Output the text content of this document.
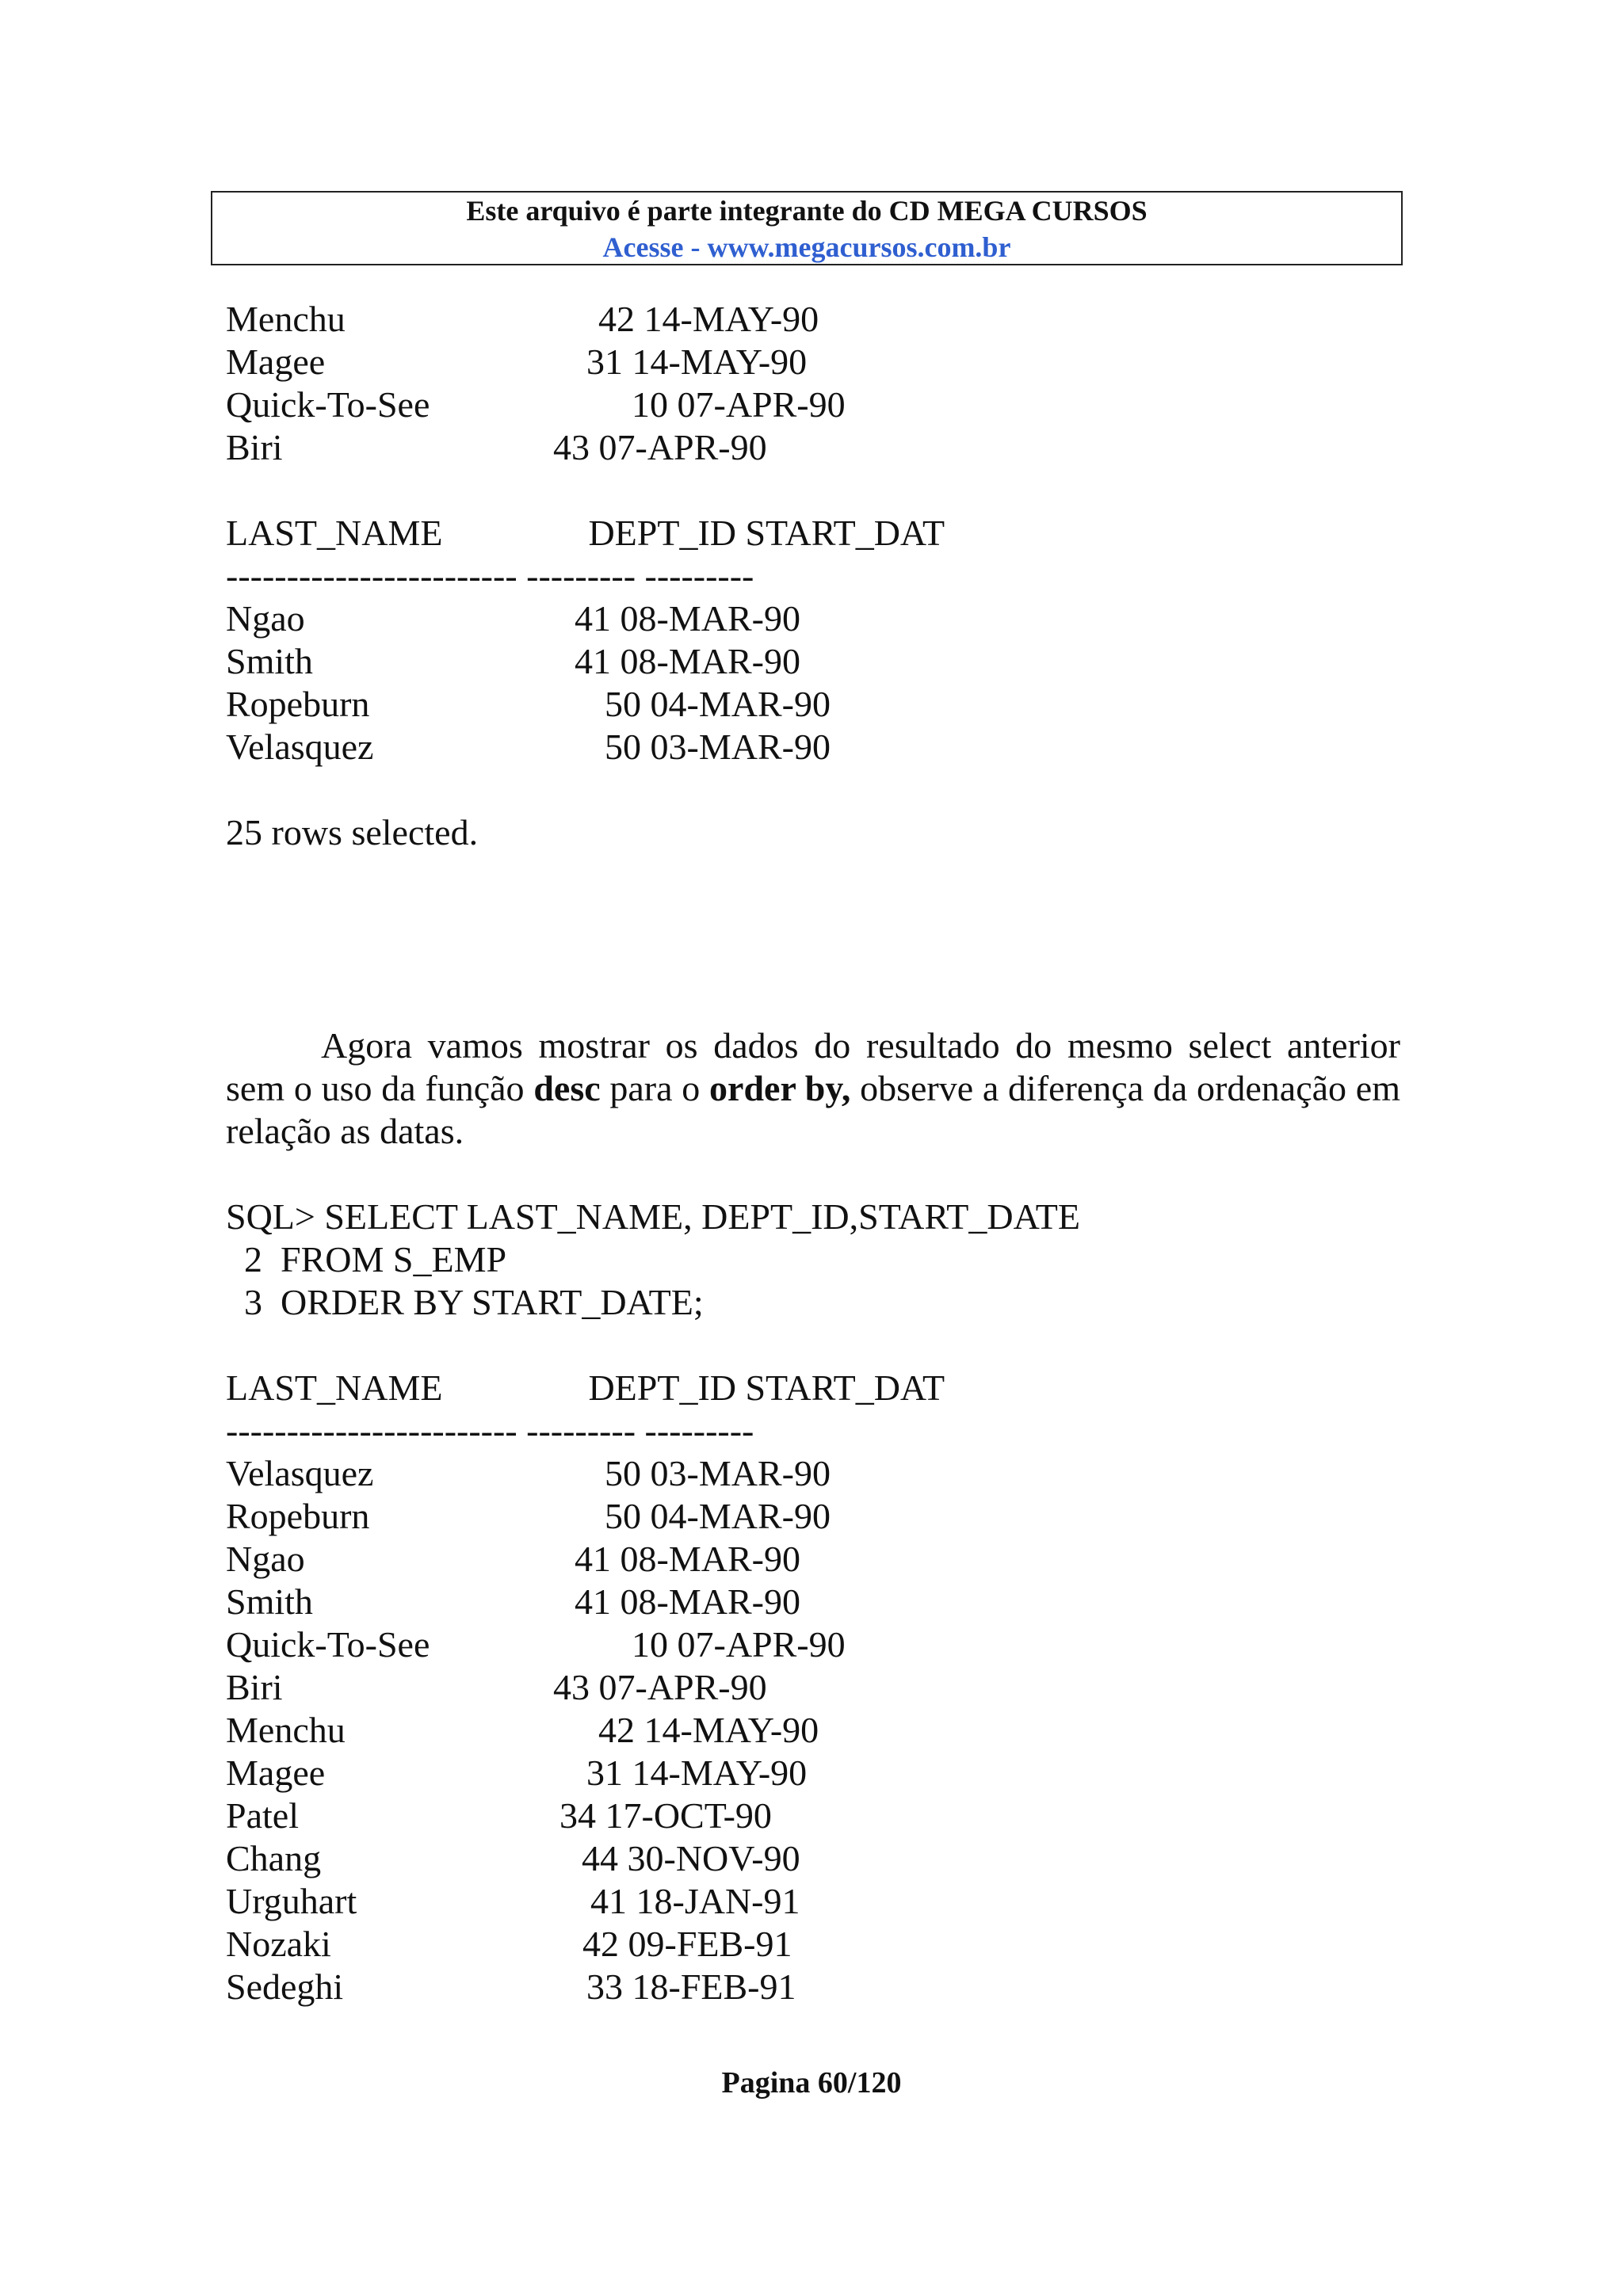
Este arquivo é parte integrante do CD MEGA CURSOS
Acesse - www.megacursos.com.br
Menchu	42 14-MAY-90
Magee	31 14-MAY-90
Quick-To-See	10 07-APR-90
Biri	43 07-APR-90
LAST_NAME                DEPT_ID START_DAT
------------------------ --------- ---------
Ngao	41 08-MAR-90
Smith	41 08-MAR-90
Ropeburn	50 04-MAR-90
Velasquez	50 03-MAR-90
25 rows selected.
Agora vamos mostrar os dados do resultado do mesmo select anterior sem o uso da função desc para o order by, observe a diferença da ordenação em relação as datas.
SQL> SELECT LAST_NAME, DEPT_ID,START_DATE
2  FROM S_EMP
3  ORDER BY START_DATE;
LAST_NAME                DEPT_ID START_DAT
------------------------ --------- ---------
Velasquez	50 03-MAR-90
Ropeburn	50 04-MAR-90
Ngao	41 08-MAR-90
Smith	41 08-MAR-90
Quick-To-See	10 07-APR-90
Biri	43 07-APR-90
Menchu	42 14-MAY-90
Magee	31 14-MAY-90
Patel	34 17-OCT-90
Chang	44 30-NOV-90
Urguhart	41 18-JAN-91
Nozaki	42 09-FEB-91
Sedeghi	33 18-FEB-91
Pagina 60/120
